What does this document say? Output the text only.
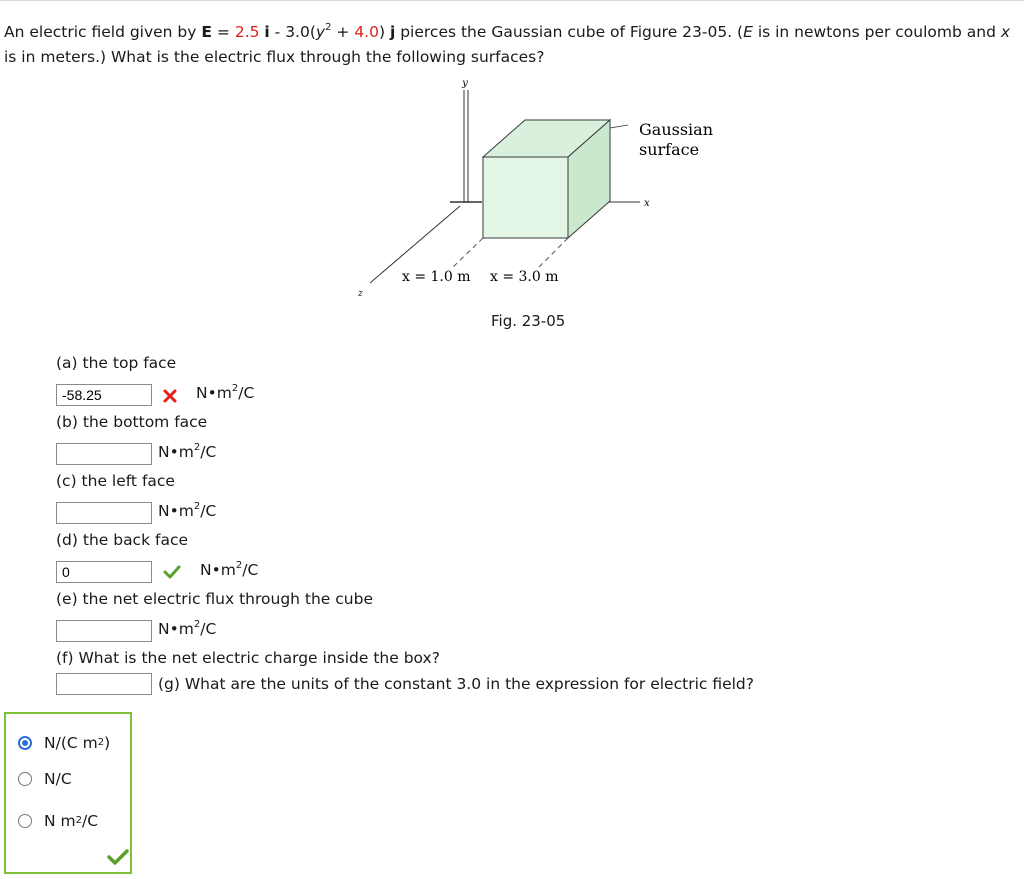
An electric field given by E = 2.5 $i - 3.0(y^2 + 4.0)$ j pierces the Gaussian cube of Figure 23-05. (E is in newtons per coulomb and x is in meters.) What is the electric flux through the following surfaces?
y
x
z
x = 1.0 m x = 3.0 m
Gaussian
surface
Fig. 23-05
(a) the top face
-58.25
$N•m^2/C$
(b) the bottom face
$N•m^2/C$
(c) the left face
$N•m^2/C$
(d) the back face
0
$N•m^2/C$
(e) the net electric flux through the cube
$N•m^2/C$
(f) What is the net electric charge inside the box?
(g) What are the units of the constant 3.0 in the expression for electric field?
N/(C m 2 )
N/C
N m 2 /C
